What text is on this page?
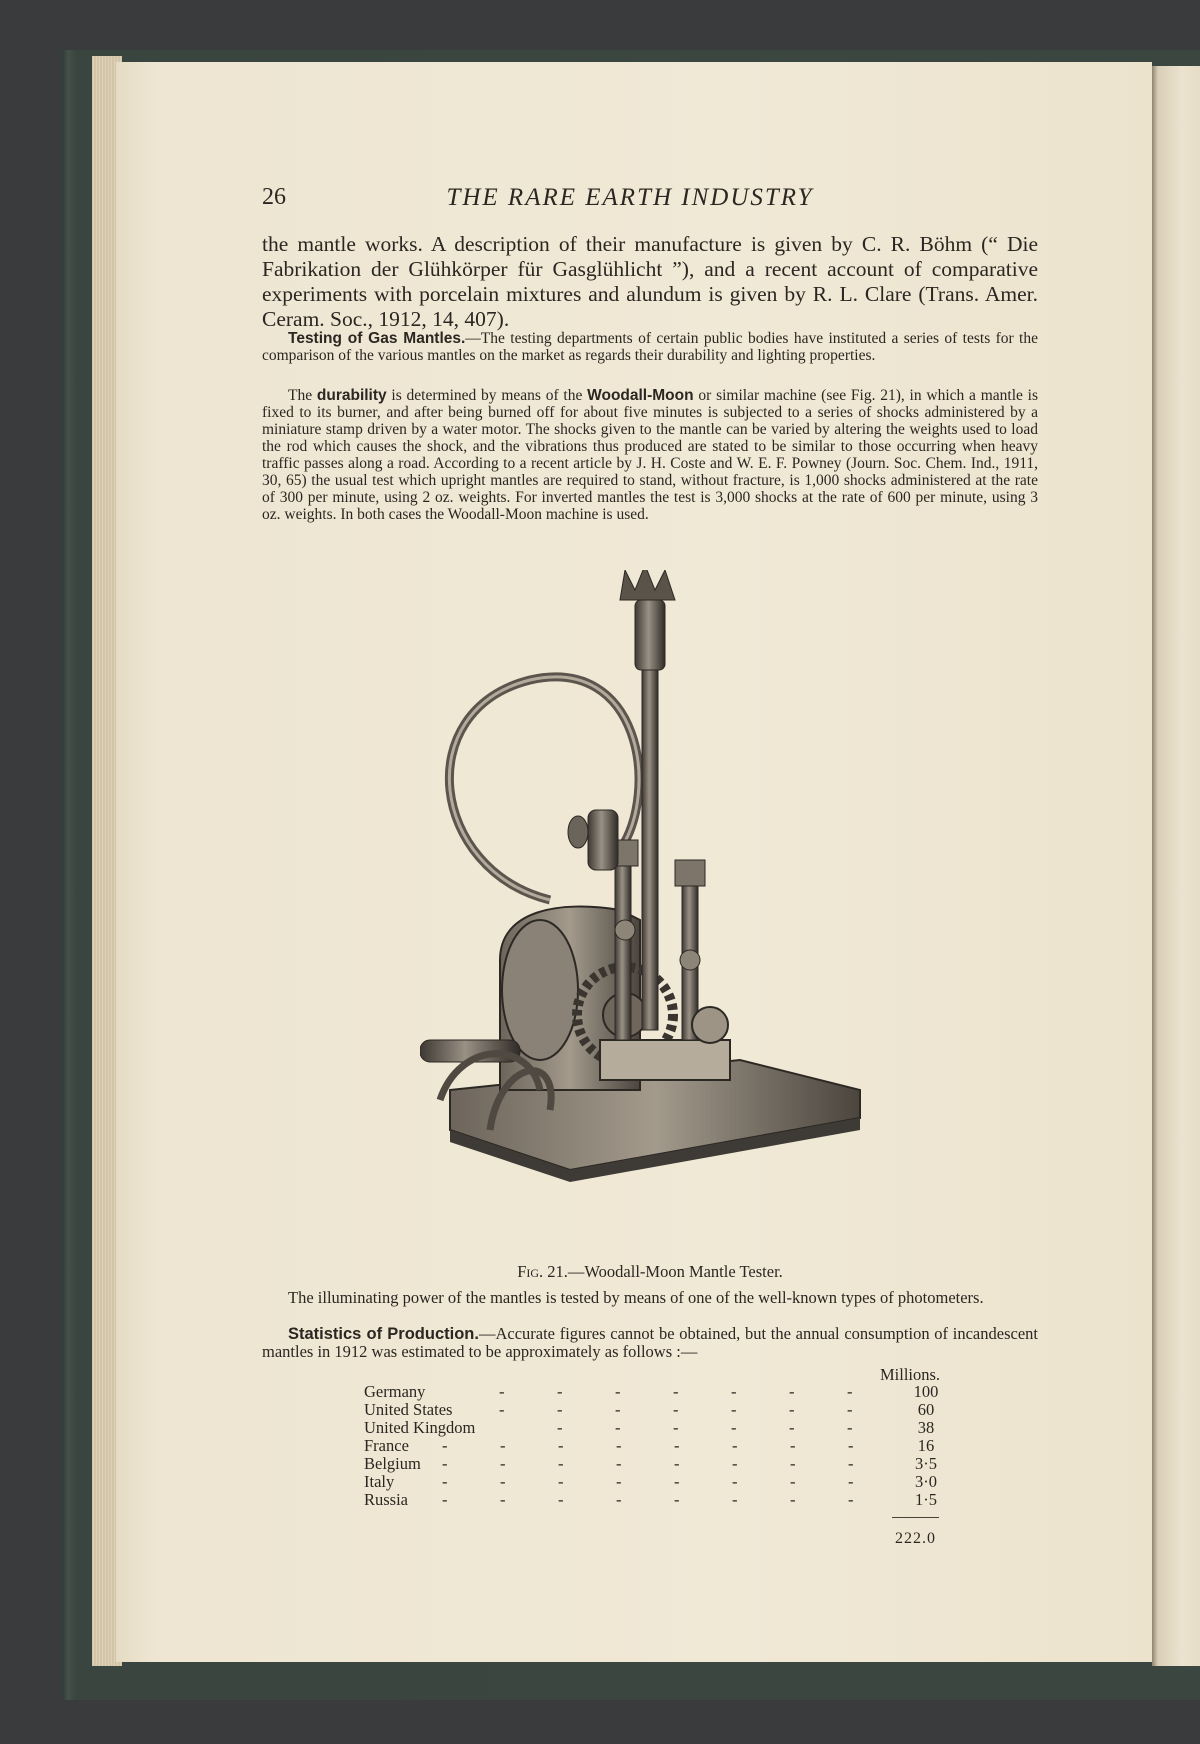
26	THE RARE EARTH INDUSTRY

the mantle works. A description of their manufacture is given by C. R. Böhm (“ Die Fabrikation der Glühkörper für Gasglühlicht ”), and a recent account of comparative experiments with porcelain mixtures and alundum is given by R. L. Clare (Trans. Amer. Ceram. Soc., 1912, 14, 407).

Testing of Gas Mantles.—The testing departments of certain public bodies have instituted a series of tests for the comparison of the various mantles on the market as regards their durability and lighting properties.

The durability is determined by means of the Woodall-Moon or similar machine (see Fig. 21), in which a mantle is fixed to its burner, and after being burned off for about five minutes is subjected to a series of shocks administered by a miniature stamp driven by a water motor. The shocks given to the mantle can be varied by altering the weights used to load the rod which causes the shock, and the vibrations thus produced are stated to be similar to those occurring when heavy traffic passes along a road. According to a recent article by J. H. Coste and W. E. F. Powney (Journ. Soc. Chem. Ind., 1911, 30, 65) the usual test which upright mantles are required to stand, without fracture, is 1,000 shocks administered at the rate of 300 per minute, using 2 oz. weights. For inverted mantles the test is 3,000 shocks at the rate of 600 per minute, using 3 oz. weights. In both cases the Woodall-Moon machine is used.

Fig. 21.—Woodall-Moon Mantle Tester.

The illuminating power of the mantles is tested by means of one of the well-known types of photometers.

Statistics of Production.—Accurate figures cannot be obtained, but the annual consumption of incandescent mantles in 1912 was estimated to be approximately as follows :—

Millions.
Germany	-	-	-	-	-	-	-	100
United States	-	-	-	-	-	-	-	60
United Kingdom	-	-	-	-	-	-	38
France -	-	-	-	-	-	-	-	16
Belgium -	-	-	-	-	-	-	-	3·5
Italy	-	-	-	-	-	-	-	-	3·0
Russia -	-	-	-	-	-	-	-	1·5
222.0
